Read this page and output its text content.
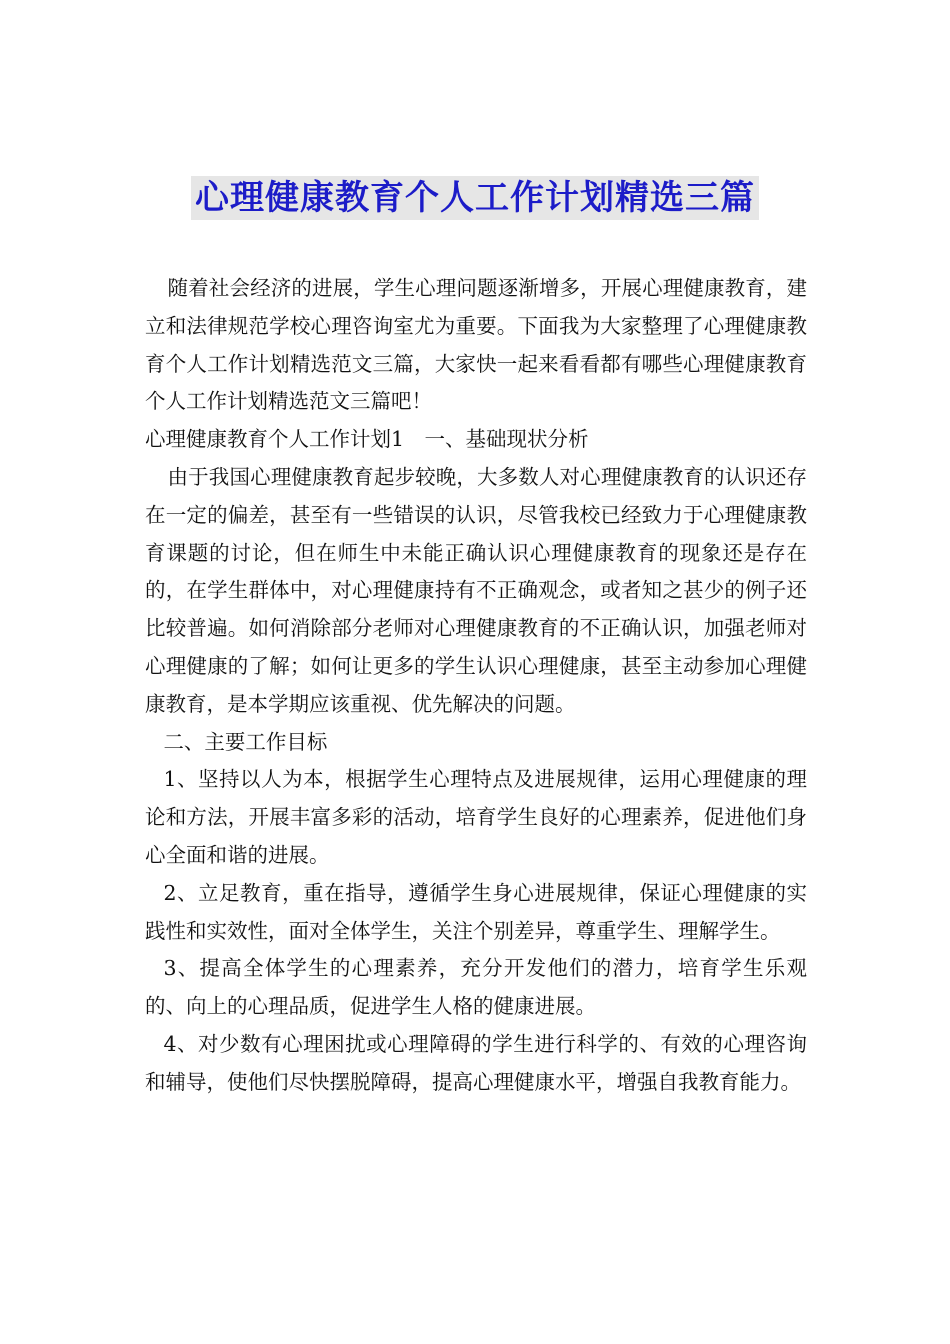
心理健康教育个人工作计划精选三篇

随着社会经济的进展，学生心理问题逐渐增多，开展心理健康教育，建立和法律规范学校心理咨询室尤为重要。下面我为大家整理了心理健康教育个人工作计划精选范文三篇，大家快一起来看看都有哪些心理健康教育个人工作计划精选范文三篇吧！

心理健康教育个人工作计划1　一、基础现状分析

由于我国心理健康教育起步较晚，大多数人对心理健康教育的认识还存在一定的偏差，甚至有一些错误的认识，尽管我校已经致力于心理健康教育课题的讨论，但在师生中未能正确认识心理健康教育的现象还是存在的，在学生群体中，对心理健康持有不正确观念，或者知之甚少的例子还比较普遍。如何消除部分老师对心理健康教育的不正确认识，加强老师对心理健康的了解；如何让更多的学生认识心理健康，甚至主动参加心理健康教育，是本学期应该重视、优先解决的问题。

二、主要工作目标

1、坚持以人为本，根据学生心理特点及进展规律，运用心理健康的理论和方法，开展丰富多彩的活动，培育学生良好的心理素养，促进他们身心全面和谐的进展。

2、立足教育，重在指导，遵循学生身心进展规律，保证心理健康的实践性和实效性，面对全体学生，关注个别差异，尊重学生、理解学生。

3、提高全体学生的心理素养，充分开发他们的潜力，培育学生乐观的、向上的心理品质，促进学生人格的健康进展。

4、对少数有心理困扰或心理障碍的学生进行科学的、有效的心理咨询和辅导，使他们尽快摆脱障碍，提高心理健康水平，增强自我教育能力。
